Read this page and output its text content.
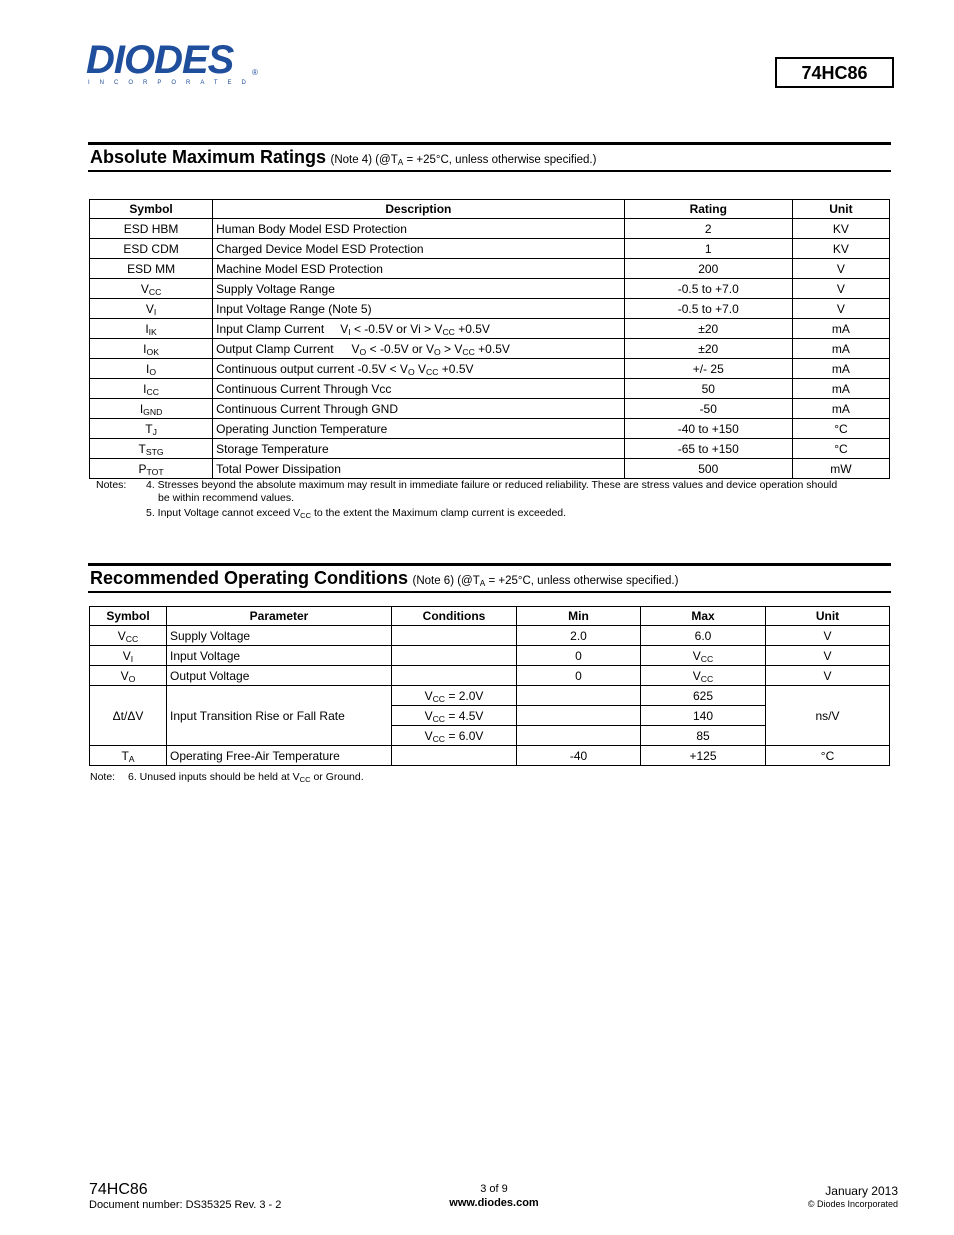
DIODES
INCORPORATED
®	74HC86
Absolute Maximum Ratings (Note 4) ($@T_A = +25^\circ C$, unless otherwise specified.)
Symbol	Description	Rating	Unit
ESD HBM	Human Body Model ESD Protection	2	KV
ESD CDM	Charged Device Model ESD Protection	1	KV
ESD MM	Machine Model ESD Protection	200	V
$V_{CC}$	Supply Voltage Range	-0.5 to +7.0	V
$V_I$	Input Voltage Range (Note 5)	-0.5 to +7.0	V
$I_{IK}$	Input Clamp Current $V_I < -0.5V$ or $Vi > V_{CC} +0.5V$	±20	mA
$I_{OK}$	Output Clamp Current $V_O < -0.5V$ or $V_O > V_{CC} +0.5V$	±20	mA
$I_O$	Continuous output current $-0.5V < V_O$ $V_{CC} +0.5V$	+/- 25	mA
$I_{CC}$	Continuous Current Through Vcc	50	mA
$I_{GND}$	Continuous Current Through GND	-50	mA
$T_J$	Operating Junction Temperature	-40 to +150	°C
$T_{STG}$	Storage Temperature	-65 to +150	°C
$P_{TOT}$	Total Power Dissipation	500	mW
Notes: 4. Stresses beyond the absolute maximum may result in immediate failure or reduced reliability. These are stress values and device operation should
be within recommend values.
5. Input Voltage cannot exceed $V_{CC}$ to the extent the Maximum clamp current is exceeded.
Recommended Operating Conditions (Note 6) ($@T_A = +25^\circ C$, unless otherwise specified.)
Symbol	Parameter	Conditions	Min	Max	Unit
$V_{CC}$	Supply Voltage		2.0	6.0	V
$V_I$	Input Voltage		0	$V_{CC}$	V
$V_O$	Output Voltage		0	$V_{CC}$	V
Δt/ΔV	Input Transition Rise or Fall Rate	$V_{CC} = 2.0V$		625	ns/V
		$V_{CC} = 4.5V$		140	
		$V_{CC} = 6.0V$		85	
$T_A$	Operating Free-Air Temperature		-40	+125	°C
Note: 6. Unused inputs should be held at $V_{CC}$ or Ground.
74HC86
Document number: DS35325 Rev. 3 - 2
3 of 9
www.diodes.com
January 2013
© Diodes Incorporated
